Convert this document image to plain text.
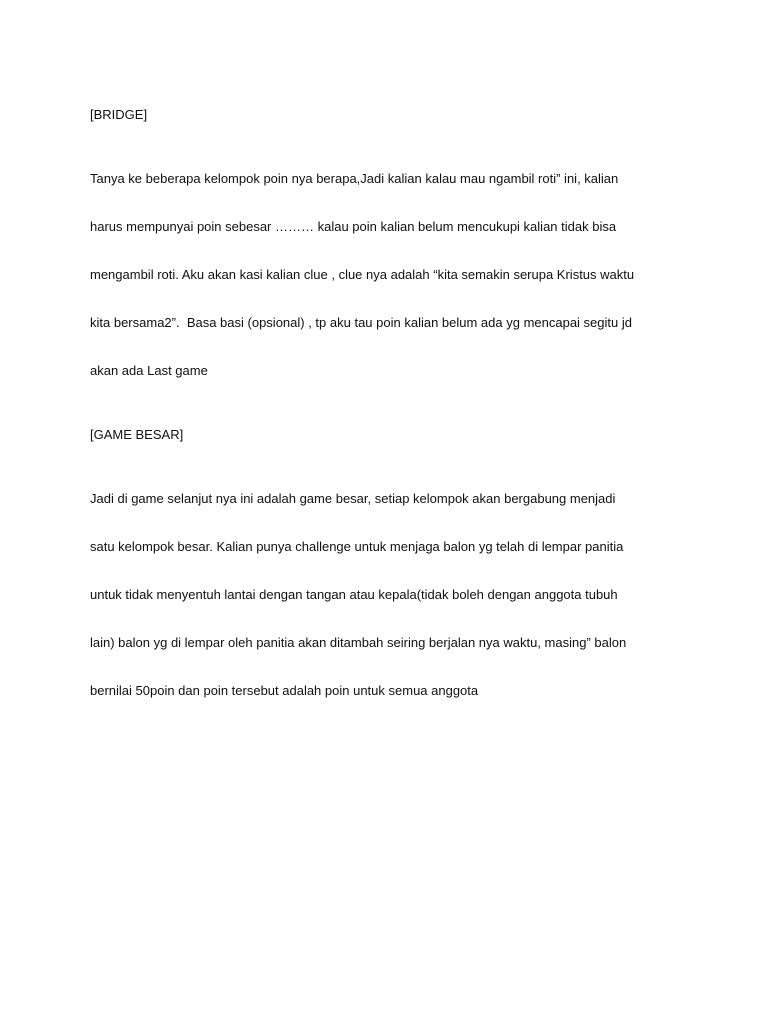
[BRIDGE]

Tanya ke beberapa kelompok poin nya berapa,Jadi kalian kalau mau ngambil roti” ini, kalian

harus mempunyai poin sebesar ……… kalau poin kalian belum mencukupi kalian tidak bisa

mengambil roti. Aku akan kasi kalian clue , clue nya adalah “kita semakin serupa Kristus waktu

kita bersama2”.  Basa basi (opsional) , tp aku tau poin kalian belum ada yg mencapai segitu jd

akan ada Last game

[GAME BESAR]

Jadi di game selanjut nya ini adalah game besar, setiap kelompok akan bergabung menjadi

satu kelompok besar. Kalian punya challenge untuk menjaga balon yg telah di lempar panitia

untuk tidak menyentuh lantai dengan tangan atau kepala(tidak boleh dengan anggota tubuh

lain) balon yg di lempar oleh panitia akan ditambah seiring berjalan nya waktu, masing” balon

bernilai 50poin dan poin tersebut adalah poin untuk semua anggota
